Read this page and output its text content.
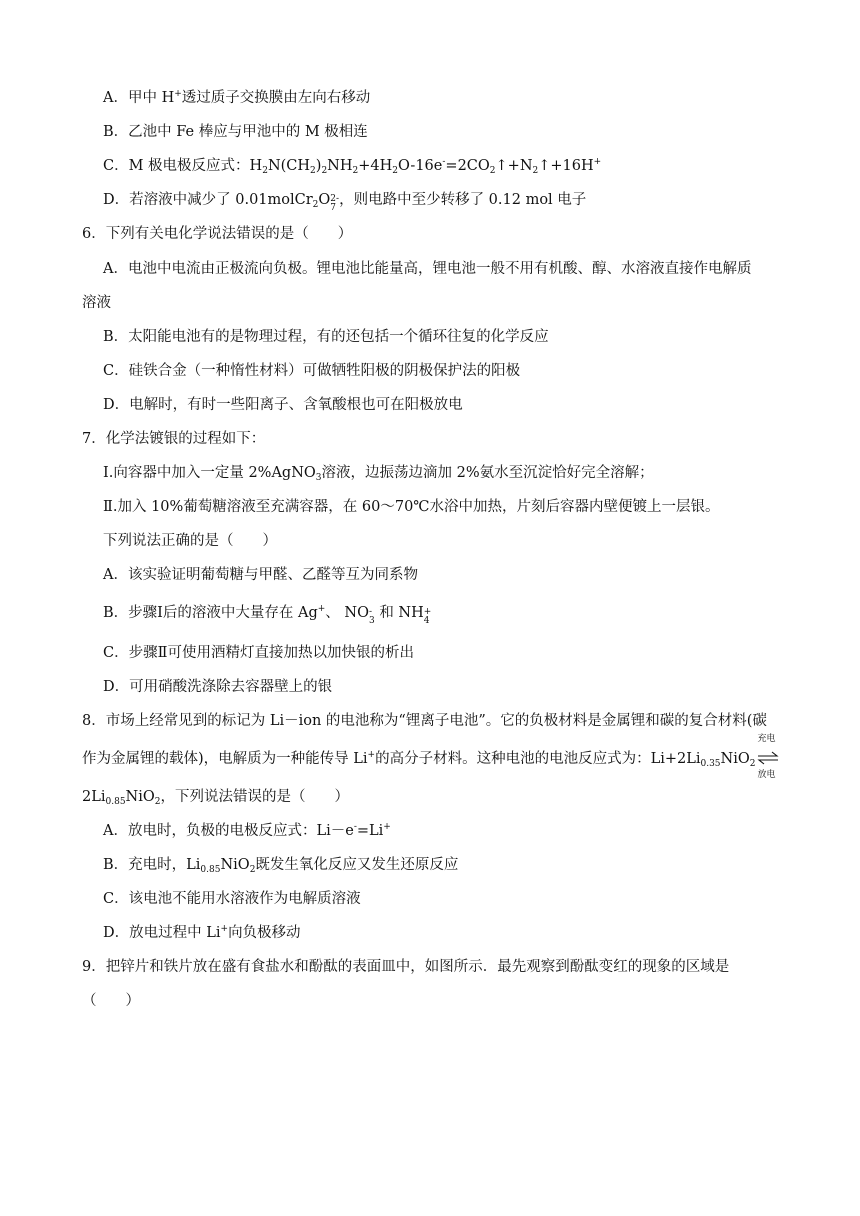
A．甲中 H+透过质子交换膜由左向右移动
B．乙池中 Fe 棒应与甲池中的 M 极相连
C．M 极电极反应式：$H_2N(CH_2)_2NH_2+4H_2O-16e^-=2CO_2↑+N_2↑+16H^+$
D．若溶液中减少了 0.01molCr$_2$O 2-
7 ，则电路中至少转移了 0.12 mol 电子
6．下列有关电化学说法错误的是（　　）
A．电池中电流由正极流向负极。锂电池比能量高，锂电池一般不用有机酸、醇、水溶液直接作电解质
溶液
B．太阳能电池有的是物理过程，有的还包括一个循环往复的化学反应
C．硅铁合金（一种惰性材料）可做牺牲阳极的阴极保护法的阳极
D．电解时，有时一些阳离子、含氧酸根也可在阳极放电
7．化学法镀银的过程如下：
Ⅰ.向容器中加入一定量 2%AgNO$_3$溶液，边振荡边滴加 2%氨水至沉淀恰好完全溶解；
Ⅱ.加入 10%葡萄糖溶液至充满容器，在 60～70℃水浴中加热，片刻后容器内壁便镀上一层银。
下列说法正确的是（　　）
A．该实验证明葡萄糖与甲醛、乙醛等互为同系物
B．步骤Ⅰ后的溶液中大量存在 Ag+、 NO -
3 和 NH +
4
C．步骤Ⅱ可使用酒精灯直接加热以加快银的析出
D．可用硝酸洗涤除去容器壁上的银
8．市场上经常见到的标记为 Li－ion 的电池称为“锂离子电池”。它的负极材料是金属锂和碳的复合材料(碳
作为金属锂的载体)，电解质为一种能传导 Li+的高分子材料。这种电池的电池反应式为：$Li+2Li_{0.35}NiO_2$
充电
放电
$2Li_{0.85}NiO_2$，下列说法错误的是（　　）
A．放电时，负极的电极反应式：Li－e-=Li+
B．充电时，$Li_{0.85}NiO_2$既发生氧化反应又发生还原反应
C．该电池不能用水溶液作为电解质溶液
D．放电过程中 Li+向负极移动
9．把锌片和铁片放在盛有食盐水和酚酞的表面皿中，如图所示．最先观察到酚酞变红的现象的区域是
（　　）
